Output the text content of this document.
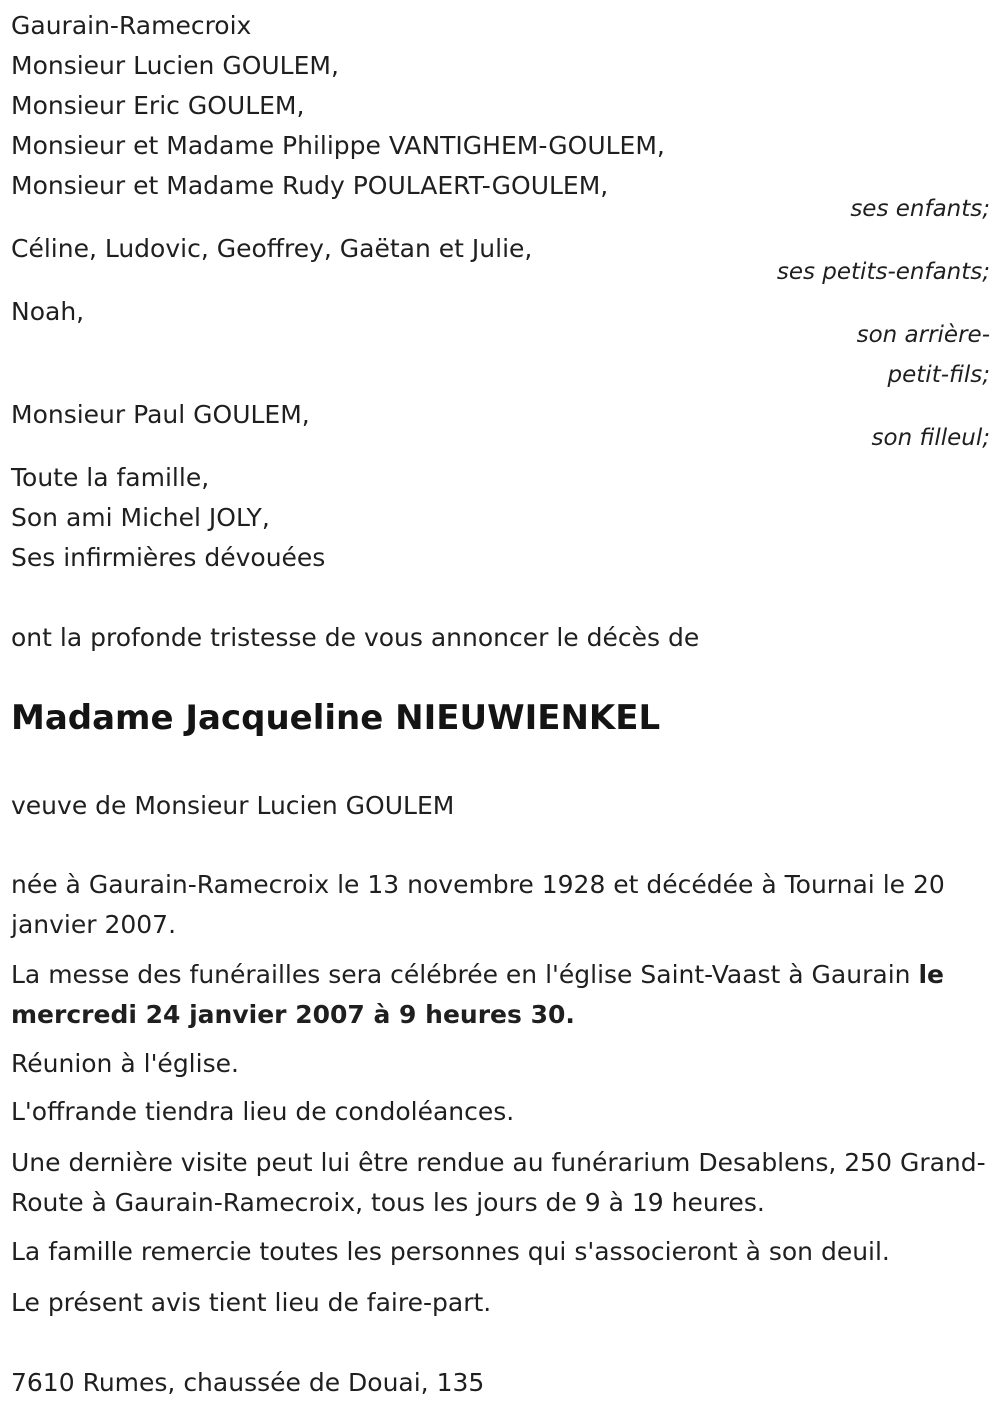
Gaurain-Ramecroix
Monsieur Lucien GOULEM,
Monsieur Eric GOULEM,
Monsieur et Madame Philippe VANTIGHEM-GOULEM,
Monsieur et Madame Rudy POULAERT-GOULEM,
ses enfants;
Céline, Ludovic, Geoffrey, Gaëtan et Julie,
ses petits-enfants;
Noah,
son arrière-
petit-fils;
Monsieur Paul GOULEM,
son filleul;
Toute la famille,
Son ami Michel JOLY,
Ses infirmières dévouées
ont la profonde tristesse de vous annoncer le décès de
Madame Jacqueline NIEUWIENKEL
veuve de Monsieur Lucien GOULEM
née à Gaurain-Ramecroix le 13 novembre 1928 et décédée à Tournai le 20 janvier 2007.
La messe des funérailles sera célébrée en l'église Saint-Vaast à Gaurain le mercredi 24 janvier 2007 à 9 heures 30.
Réunion à l'église.
L'offrande tiendra lieu de condoléances.
Une dernière visite peut lui être rendue au funérarium Desablens, 250 Grand-Route à Gaurain-Ramecroix, tous les jours de 9 à 19 heures.
La famille remercie toutes les personnes qui s'associeront à son deuil.
Le présent avis tient lieu de faire-part.
7610 Rumes, chaussée de Douai, 135
